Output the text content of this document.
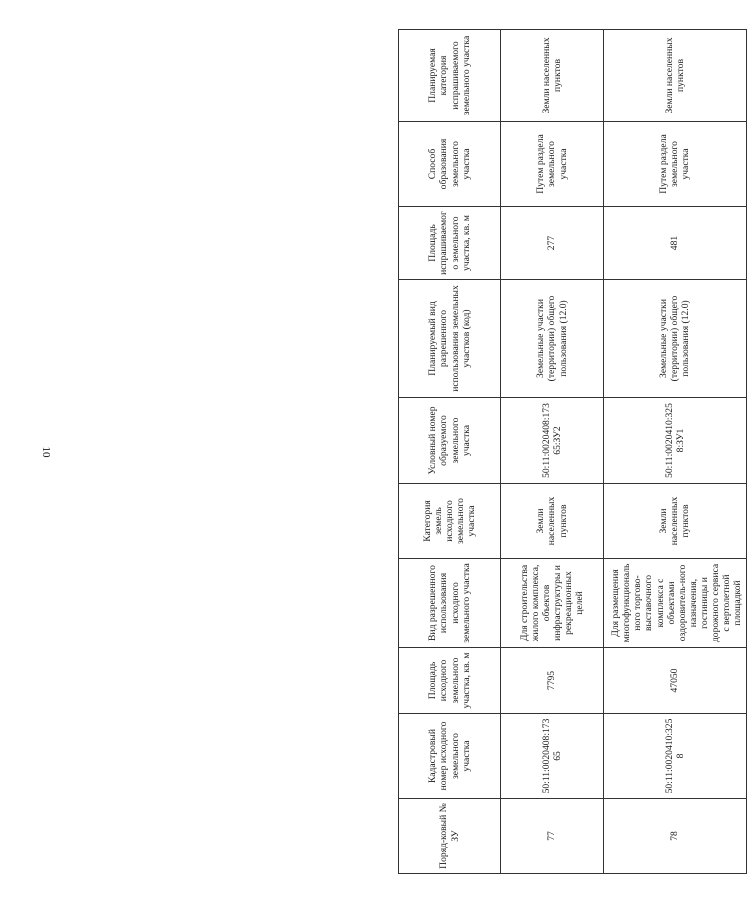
10
Поряд-ковый № ЗУ	Кадастровый номер исходного земельного участка	Площадь исходного земельного участка, кв. м	Вид разрешенного использования исходного земельного участка	Категория земель исходного земельного участка	Условный номер образуемого земельного участка	Планируемый вид разрешенного использования земельных участков (код)	Площадь испрашиваемого земельного участка, кв. м	Способ образования земельного участка	Планируемая категория испрашиваемого земельного участка
77	50:11:0020408:17365	7795	Для строительства жилого комплекса, объектов инфраструктуры и рекреационных целей	Земли населенных пунктов	50:11:0020408:17365:ЗУ2	Земельные участки (территории) общего пользования (12.0)	277	Путем раздела земельного участка	Земли населенных пунктов
78	50:11:0020410:3258	47050	Для размещения многофункционального торгово-выставочного комплекса с объектами оздоровитель-ного назначения, гостиницы и дорожного сервиса с вертолетной площадкой	Земли населенных пунктов	50:11:0020410:3258:ЗУ1	Земельные участки (территории) общего пользования (12.0)	481	Путем раздела земельного участка	Земли населенных пунктов
